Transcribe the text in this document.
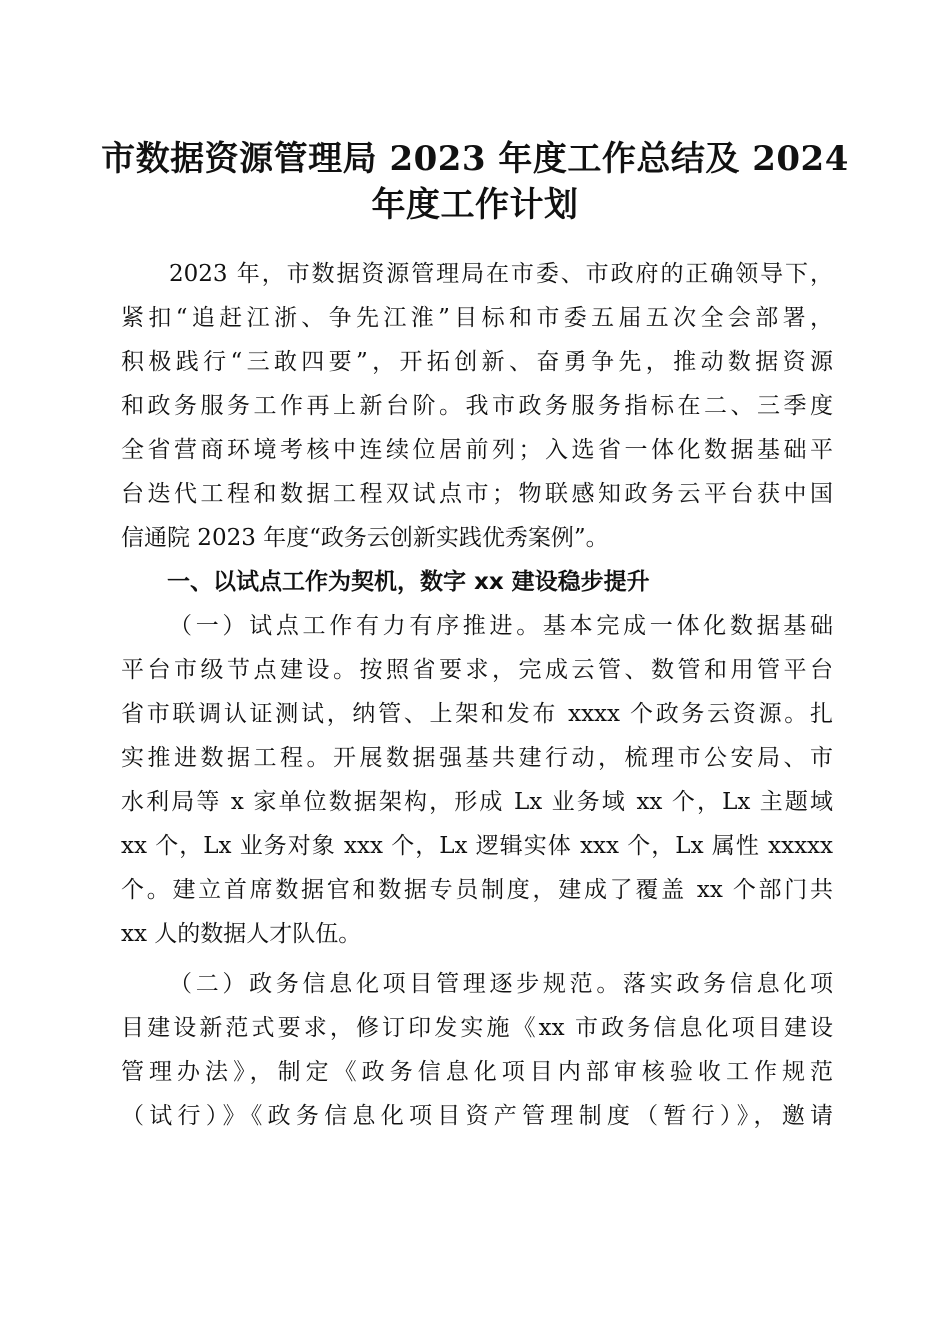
市数据资源管理局 2023 年度工作总结及 2024
年度工作计划
2023 年，市数据资源管理局在市委、市政府的正确领导下，
紧扣“追赶江浙、争先江淮”目标和市委五届五次全会部署，
积极践行“三敢四要”，开拓创新、奋勇争先，推动数据资源
和政务服务工作再上新台阶。我市政务服务指标在二、三季度
全省营商环境考核中连续位居前列；入选省一体化数据基础平
台迭代工程和数据工程双试点市；物联感知政务云平台获中国
信通院 2023 年度“政务云创新实践优秀案例”。
一、以试点工作为契机，数字 xx 建设稳步提升
（一）试点工作有力有序推进。基本完成一体化数据基础
平台市级节点建设。按照省要求，完成云管、数管和用管平台
省市联调认证测试，纳管、上架和发布 xxxx 个政务云资源。扎
实推进数据工程。开展数据强基共建行动，梳理市公安局、市
水利局等 x 家单位数据架构，形成 Lx 业务域 xx 个，Lx 主题域
xx 个，Lx 业务对象 xxx 个，Lx 逻辑实体 xxx 个，Lx 属性 xxxxx
个。建立首席数据官和数据专员制度，建成了覆盖 xx 个部门共
xx 人的数据人才队伍。
（二）政务信息化项目管理逐步规范。落实政务信息化项
目建设新范式要求，修订印发实施《xx 市政务信息化项目建设
管理办法》，制定《政务信息化项目内部审核验收工作规范
（试行）》《政务信息化项目资产管理制度（暂行）》，邀请
